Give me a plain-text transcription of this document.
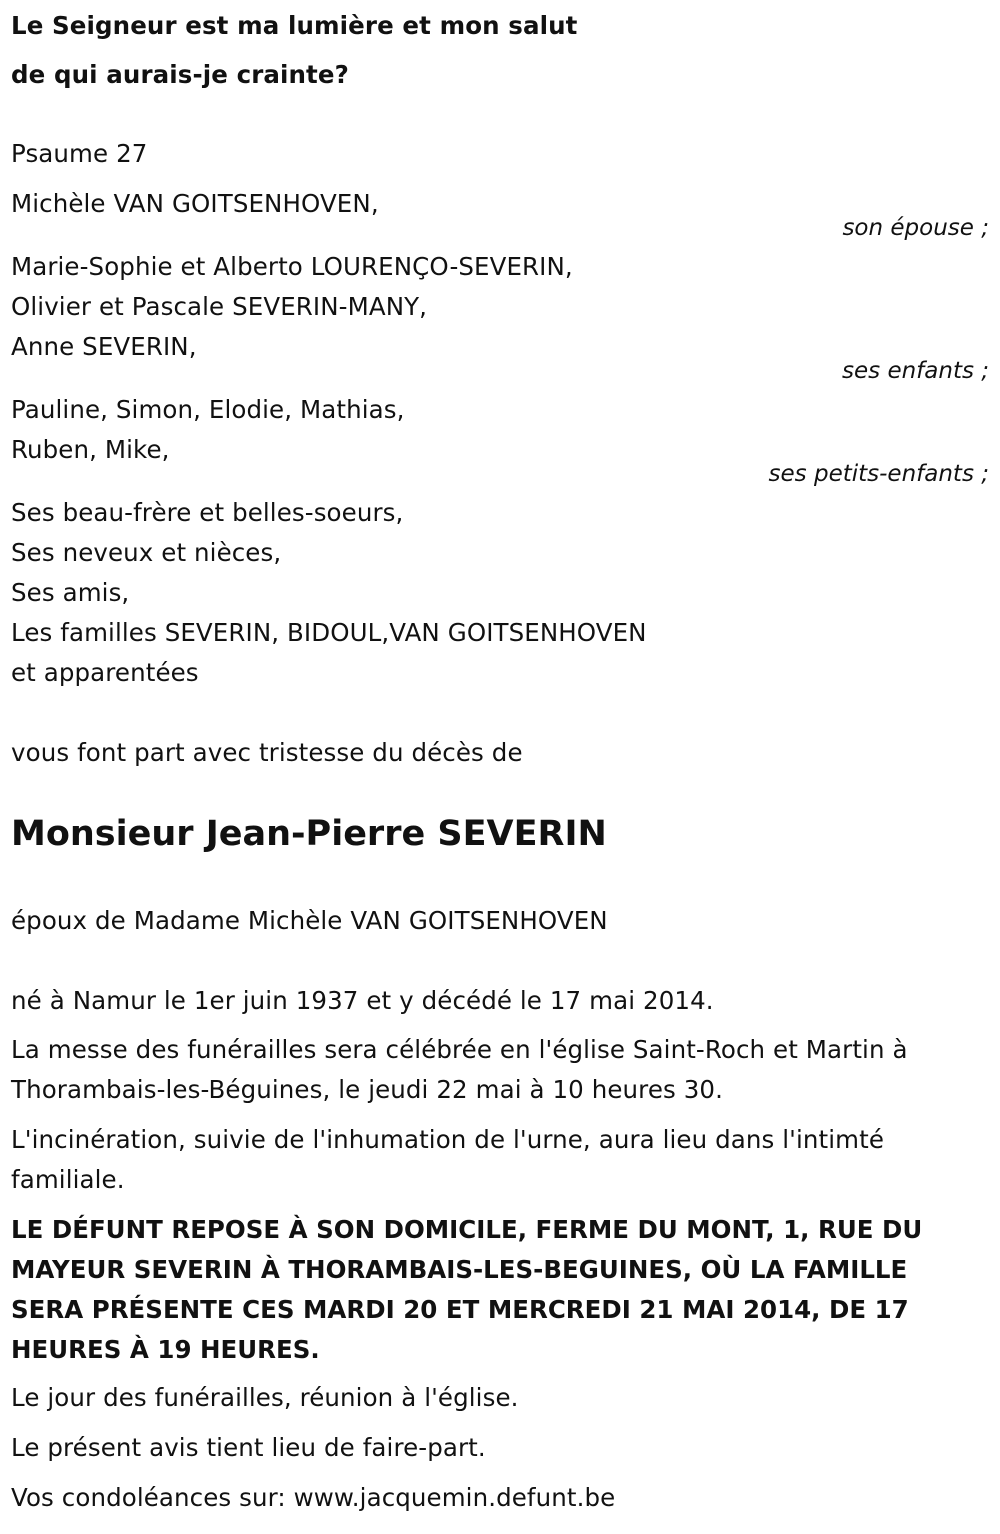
Le Seigneur est ma lumière et mon salut
de qui aurais-je crainte?
Psaume 27
Michèle VAN GOITSENHOVEN,
son épouse ;
Marie-Sophie et Alberto LOURENÇO-SEVERIN,
Olivier et Pascale SEVERIN-MANY,
Anne SEVERIN,
ses enfants ;
Pauline, Simon, Elodie, Mathias,
Ruben, Mike,
ses petits-enfants ;
Ses beau-frère et belles-soeurs,
Ses neveux et nièces,
Ses amis,
Les familles SEVERIN, BIDOUL,VAN GOITSENHOVEN
et apparentées
vous font part avec tristesse du décès de
Monsieur Jean-Pierre SEVERIN
époux de Madame Michèle VAN GOITSENHOVEN
né à Namur le 1er juin 1937 et y décédé le 17 mai 2014.
La messe des funérailles sera célébrée en l'église Saint-Roch et Martin à
Thorambais-les-Béguines, le jeudi 22 mai à 10 heures 30.
L'incinération, suivie de l'inhumation de l'urne, aura lieu dans l'intimté
familiale.
LE DÉFUNT REPOSE À SON DOMICILE, FERME DU MONT, 1, RUE DU MAYEUR SEVERIN À THORAMBAIS-LES-BEGUINES, OÙ LA FAMILLE SERA PRÉSENTE CES MARDI 20 ET MERCREDI 21 MAI 2014, DE 17 HEURES À 19 HEURES.
Le jour des funérailles, réunion à l'église.
Le présent avis tient lieu de faire-part.
Vos condoléances sur: www.jacquemin.defunt.be
